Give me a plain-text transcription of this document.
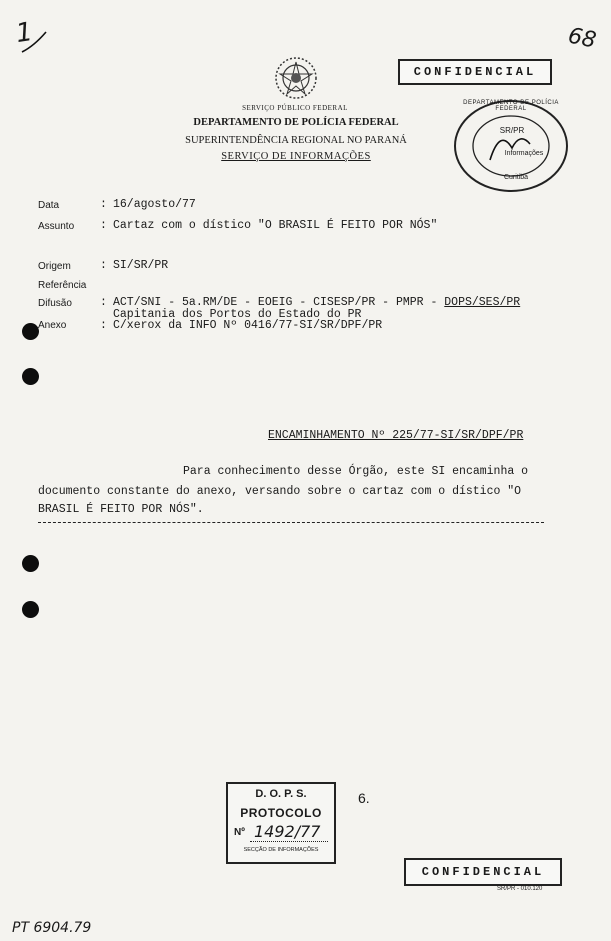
1	68
CONFIDENCIAL
SERVIÇO PÚBLICO FEDERAL
DEPARTAMENTO DE POLÍCIA FEDERAL
SUPERINTENDÊNCIA REGIONAL NO PARANÁ
SERVIÇO DE INFORMAÇÕES
DEPARTAMENTO DE POLÍCIA FEDERAL
SR/PR
Informações
Curitiba
Data	: 16/agosto/77
Assunto : Cartaz com o dístico "O BRASIL É FEITO POR NÓS"
Origem	: SI/SR/PR
Referência
Difusão : ACT/SNI - 5a.RM/DE - EOEIG - CISESP/PR - PMPR - DOPS/SES/PR
Capitania dos Portos do Estado do PR
Anexo	: C/xerox da INFO Nº 0416/77-SI/SR/DPF/PR
ENCAMINHAMENTO Nº 225/77-SI/SR/DPF/PR
Para conhecimento desse Órgão, este SI encaminha o
documento constante do anexo, versando sobre o cartaz com o dístico "O
BRASIL É FEITO POR NÓS".
D. O. P. S.
PROTOCOLO
Nº 1492/77
SECÇÃO DE INFORMAÇÕES
6.
CONFIDENCIAL
SR/PR - 010.120
PT 6904.79
